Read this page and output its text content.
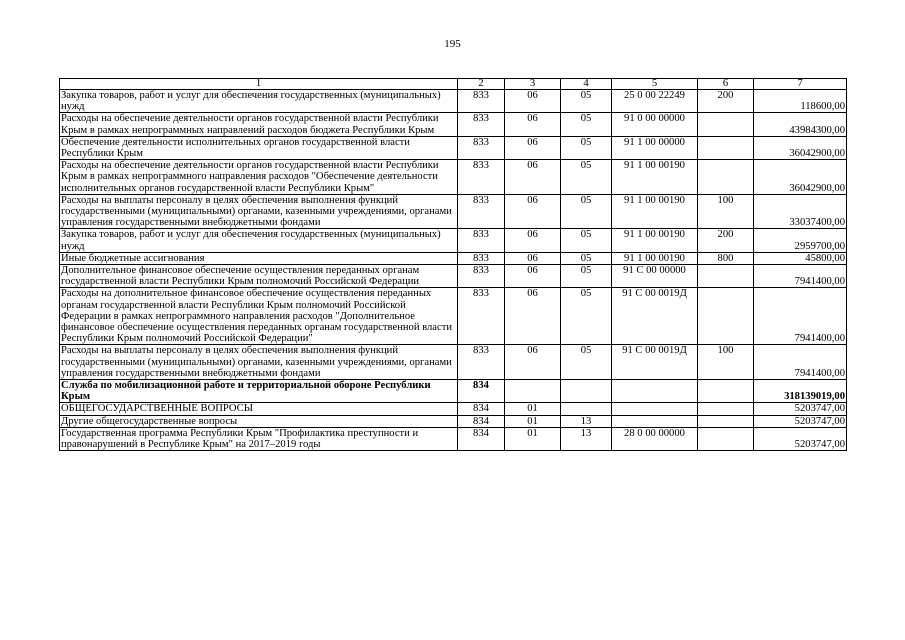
195
1	2	3	4	5	6	7
Закупка товаров, работ и услуг для обеспечения государственных (муниципальных) нужд	833	06	05	25 0 00 22249	200	118600,00
Расходы на обеспечение деятельности органов государственной власти Республики Крым в рамках непрограммных направлений расходов бюджета Республики Крым	833	06	05	91 0 00 00000		43984300,00
Обеспечение деятельности исполнительных органов государственной власти Республики Крым	833	06	05	91 1 00 00000		36042900,00
Расходы на обеспечение деятельности органов государственной власти Республики Крым в рамках непрограммного направления расходов "Обеспечение деятельности исполнительных органов государственной власти Республики Крым"	833	06	05	91 1 00 00190		36042900,00
Расходы на выплаты персоналу в целях обеспечения выполнения функций государственными (муниципальными) органами, казенными учреждениями, органами управления государственными внебюджетными фондами	833	06	05	91 1 00 00190	100	33037400,00
Закупка товаров, работ и услуг для обеспечения государственных (муниципальных) нужд	833	06	05	91 1 00 00190	200	2959700,00
Иные бюджетные ассигнования	833	06	05	91 1 00 00190	800	45800,00
Дополнительное финансовое обеспечение осуществления переданных органам государственной власти Республики Крым полномочий Российской Федерации	833	06	05	91 С 00 00000		7941400,00
Расходы на дополнительное финансовое обеспечение осуществления переданных органам государственной власти Республики Крым полномочий Российской Федерации в рамках непрограммного направления расходов "Дополнительное финансовое обеспечение осуществления переданных органам государственной власти Республики Крым полномочий Российской Федерации"	833	06	05	91 С 00 0019Д		7941400,00
Расходы на выплаты персоналу в целях обеспечения выполнения функций государственными (муниципальными) органами, казенными учреждениями, органами управления государственными внебюджетными фондами	833	06	05	91 С 00 0019Д	100	7941400,00
Служба по мобилизационной работе и территориальной обороне Республики Крым	834					318139019,00
ОБЩЕГОСУДАРСТВЕННЫЕ ВОПРОСЫ	834	01				5203747,00
Другие общегосударственные вопросы	834	01	13			5203747,00
Государственная программа Республики Крым "Профилактика преступности и правонарушений в Республике Крым" на 2017–2019 годы	834	01	13	28 0 00 00000		5203747,00
